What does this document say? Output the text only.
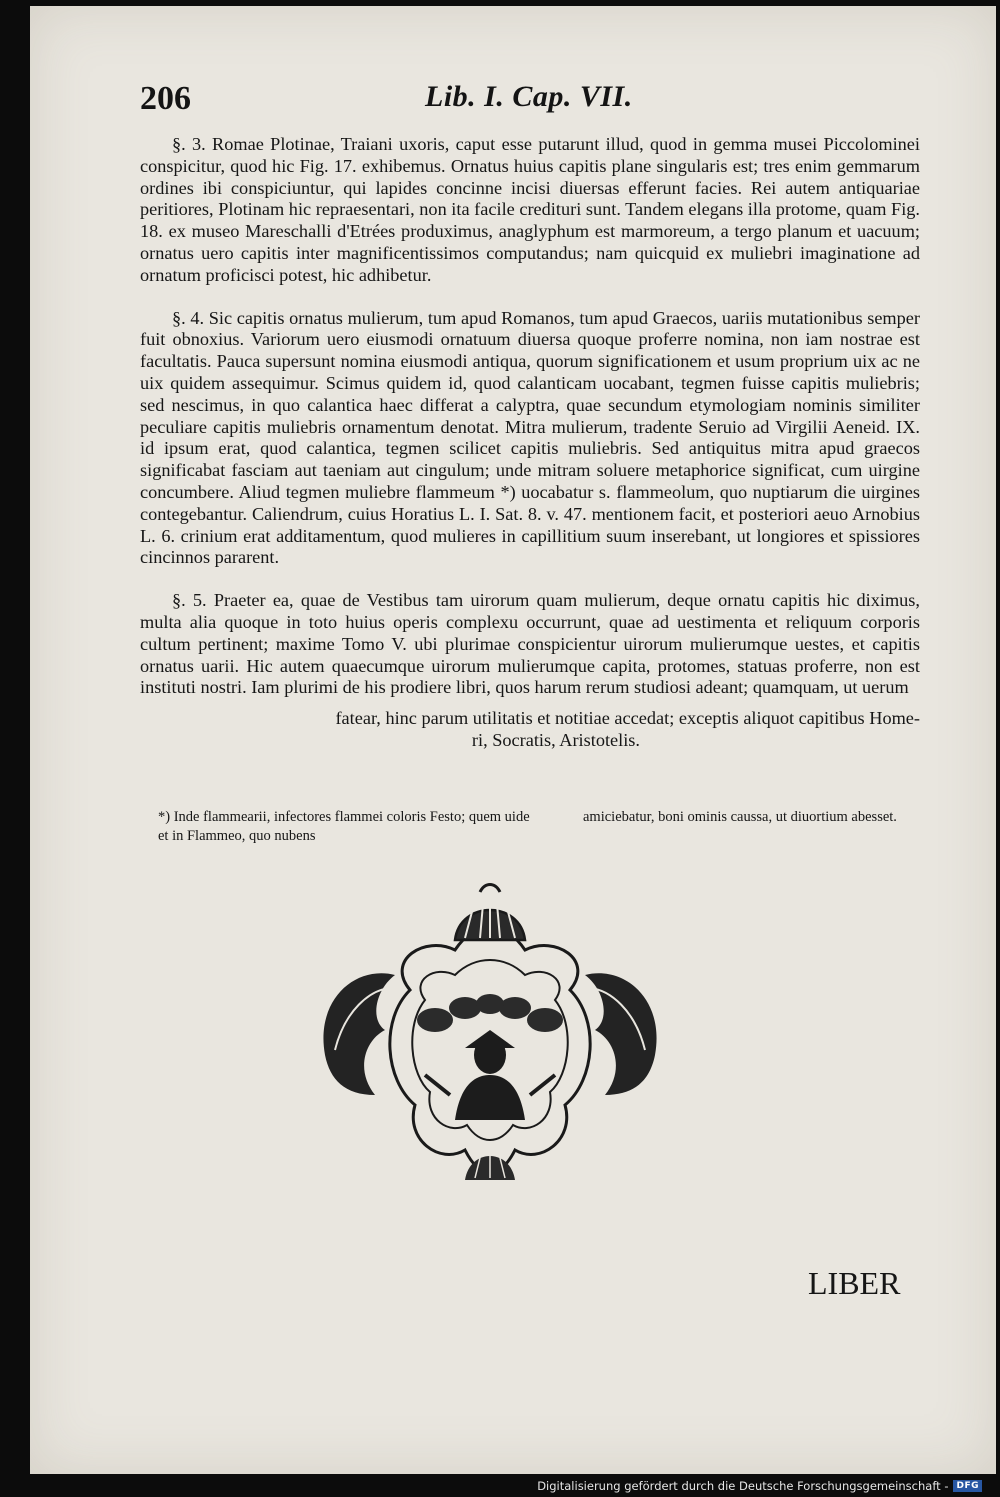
206	Lib. I. Cap. VII.

§. 3. Romae Plotinae, Traiani uxoris, caput esse putarunt illud, quod in gemma musei Piccolominei conspicitur, quod hic Fig. 17. exhibemus. Ornatus huius capitis plane singularis est; tres enim gemmarum ordines ibi conspiciuntur, qui lapides concinne incisi diuersas efferunt facies. Rei autem antiquariae peritiores, Plotinam hic repraesentari, non ita facile crediturі sunt. Tandem elegans illa protome, quam Fig. 18. ex museo Mareschalli d'Etrées produximus, anaglyphum est marmoreum, a tergo planum et uacuum; ornatus uero capitis inter magnificentissimos computandus; nam quicquid ex muliebri imaginatione ad ornatum proficisci potest, hic adhibetur.

§. 4. Sic capitis ornatus mulierum, tum apud Romanos, tum apud Graecos, uariis mutationibus semper fuit obnoxius. Variorum uero eiusmodi ornatuum diuersa quoque proferre nomina, non iam nostrae est facultatis. Pauca supersunt nomina eiusmodi antiqua, quorum significationem et usum proprium uix ac ne uix quidem assequimur. Scimus quidem id, quod calanticam uocabant, tegmen fuisse capitis muliebris; sed nescimus, in quo calantica haec differat a calyptra, quae secundum etymologiam nominis similiter peculiare capitis muliebris ornamentum denotat. Mitra mulierum, tradente Seruio ad Virgilii Aeneid. IX. id ipsum erat, quod calantica, tegmen scilicet capitis muliebris. Sed antiquitus mitra apud graecos significabat fasciam aut taeniam aut cingulum; unde mitram soluere metaphorice significat, cum uirgine concumbere. Aliud tegmen muliebre flammeum *) uocabatur s. flammeolum, quo nuptiarum die uirgines contegebantur. Caliendrum, cuius Horatius L. I. Sat. 8. v. 47. mentionem facit, et posteriori aeuo Arnobius L. 6. crinium erat additamentum, quod mulieres in capillitium suum inserebant, ut longiores et spissiores cincinnos pararent.

§. 5. Praeter ea, quae de Vestibus tam uirorum quam mulierum, deque ornatu capitis hic diximus, multa alia quoque in toto huius operis complexu occurrunt, quae ad uestimenta et reliquum corporis cultum pertinent; maxime Tomo V. ubi plurimae conspicientur uirorum mulierumque uestes, et capitis ornatus uarii. Hic autem quaecumque uirorum mulierumque capita, protomes, statuas proferre, non est instituti nostri. Iam plurimi de his prodiere libri, quos harum rerum studiosi adeant; quamquam, ut uerum

fatear, hinc parum utilitatis et notitiae accedat; exceptis aliquot capitibus Home-
ri, Socratis, Aristotelis.
*) Inde flammearii, infectores flammei coloris Festo; quem uide et in Flammeo, quo nubens
amiciebatur, boni ominis caussa, ut diuortium abesset.
LIBER
Digitalisierung gefördert durch die Deutsche Forschungsgemeinschaft - DFG
